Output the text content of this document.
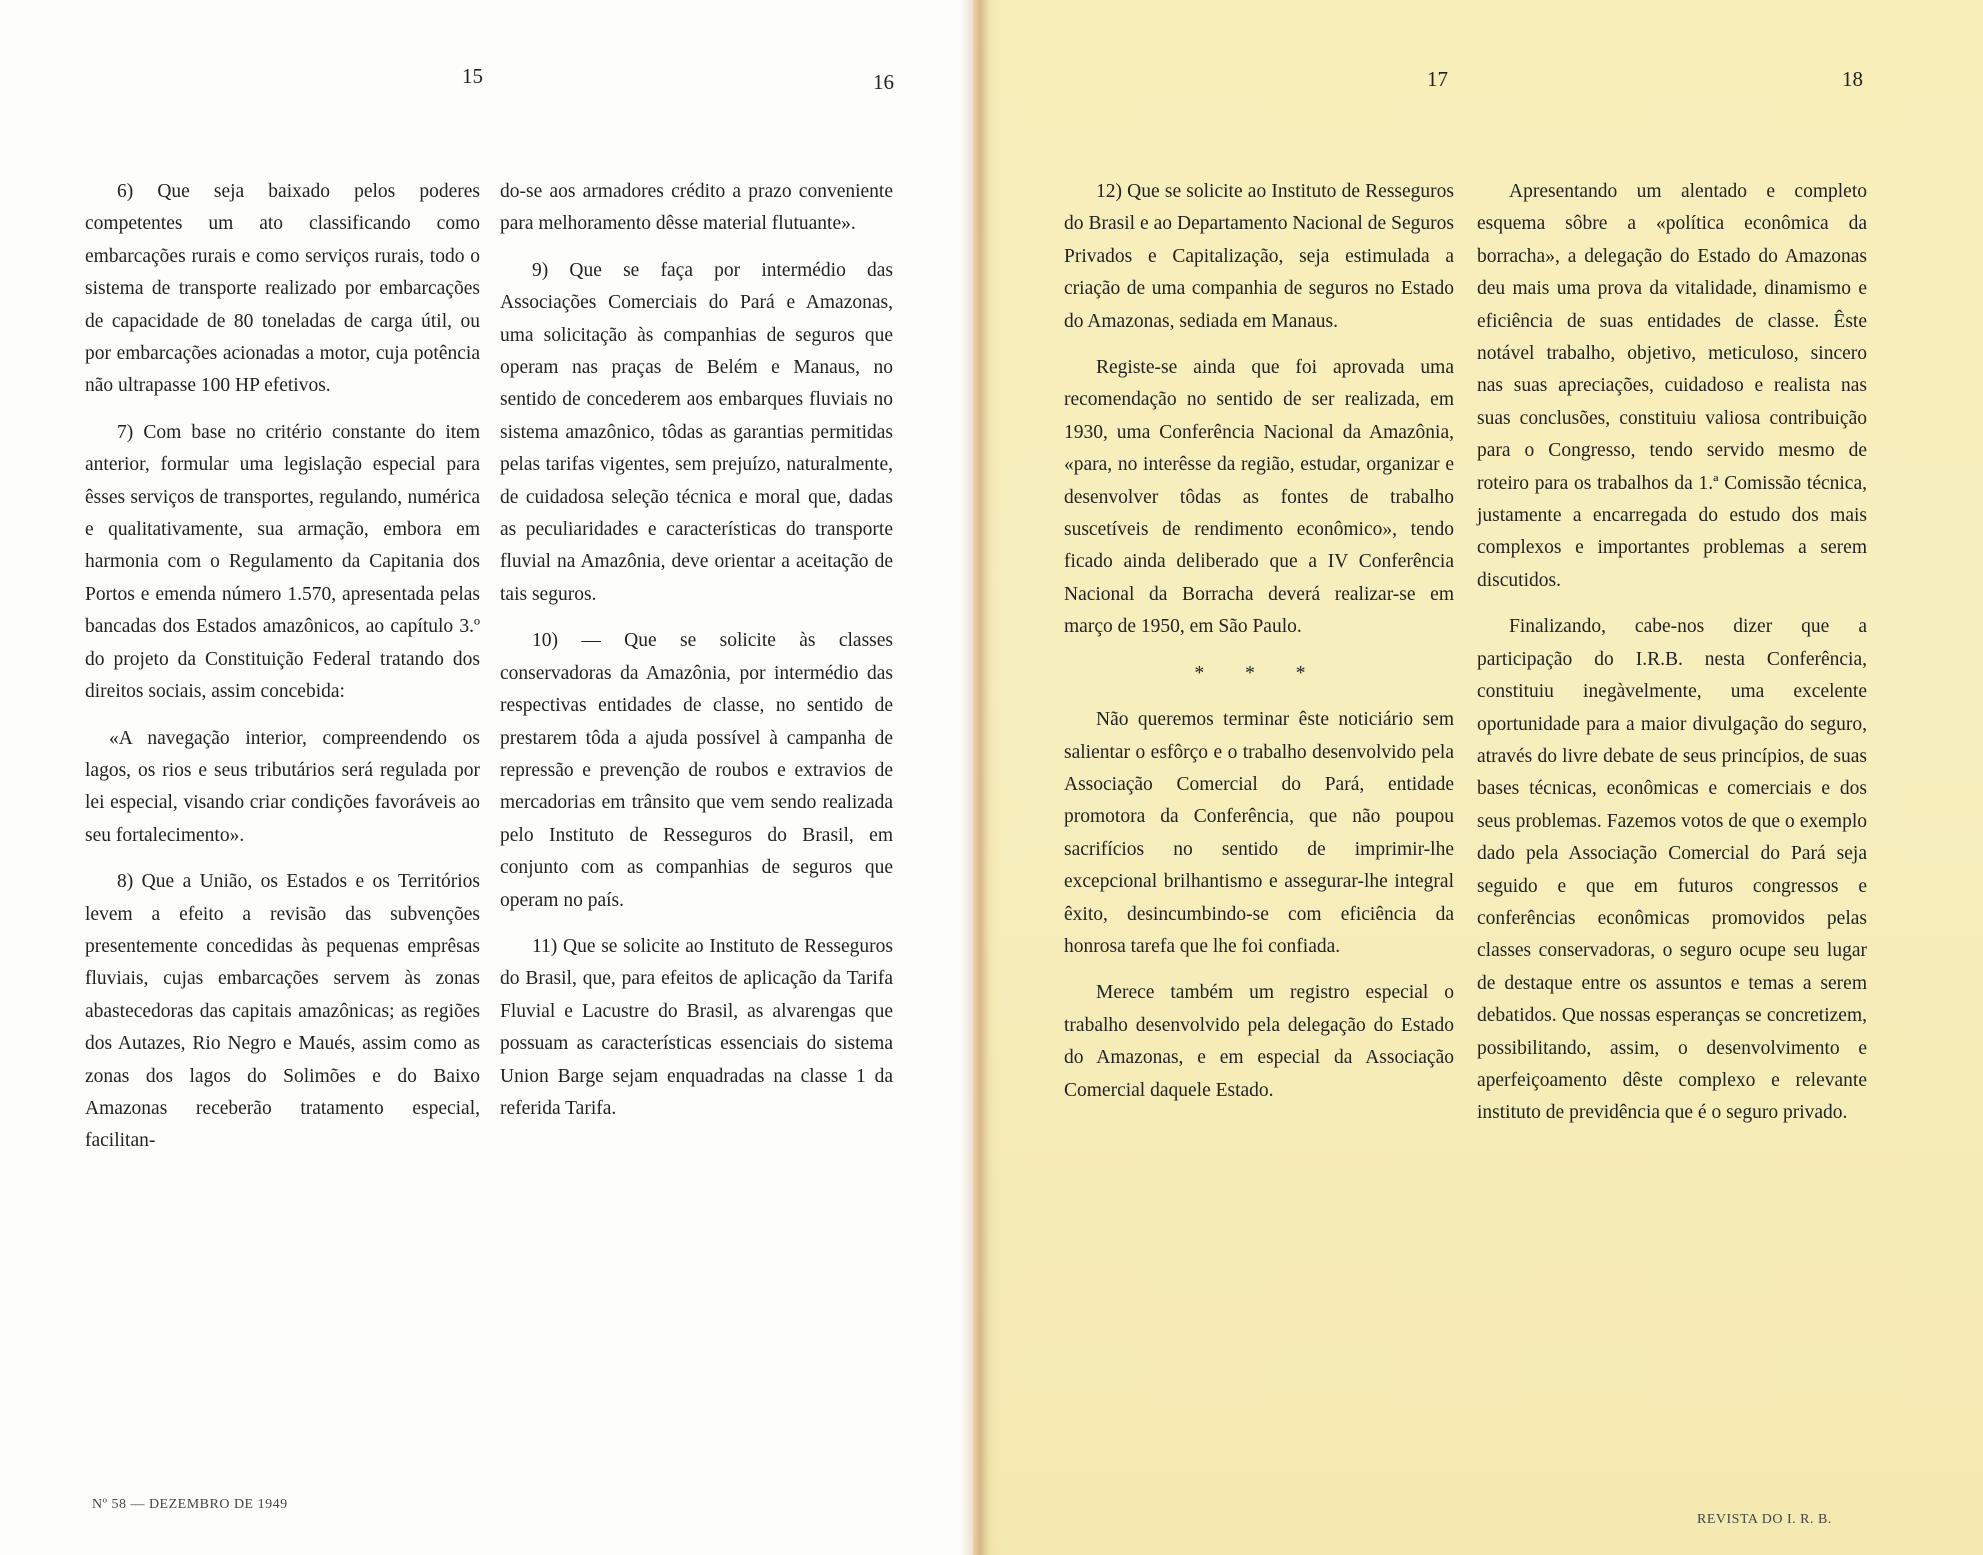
15	16	17	18

6) Que seja baixado pelos poderes competentes um ato classificando como embarcações rurais e como serviços rurais, todo o sistema de transporte realizado por embarcações de capacidade de 80 toneladas de carga útil, ou por embarcações acionadas a motor, cuja potência não ultrapasse 100 HP efetivos.

7) Com base no critério constante do item anterior, formular uma legislação especial para êsses serviços de transportes, regulando, numérica e qualitativamente, sua armação, embora em harmonia com o Regulamento da Capitania dos Portos e emenda número 1.570, apresentada pelas bancadas dos Estados amazônicos, ao capítulo 3.º do projeto da Constituição Federal tratando dos direitos sociais, assim concebida:

«A navegação interior, compreendendo os lagos, os rios e seus tributários será regulada por lei especial, visando criar condições favoráveis ao seu fortalecimento».

8) Que a União, os Estados e os Territórios levem a efeito a revisão das subvenções presentemente concedidas às pequenas emprêsas fluviais, cujas embarcações servem às zonas abastecedoras das capitais amazônicas; as regiões dos Autazes, Rio Negro e Maués, assim como as zonas dos lagos do Solimões e do Baixo Amazonas receberão tratamento especial, facilitan-

do-se aos armadores crédito a prazo conveniente para melhoramento dêsse material flutuante».

9) Que se faça por intermédio das Associações Comerciais do Pará e Amazonas, uma solicitação às companhias de seguros que operam nas praças de Belém e Manaus, no sentido de concederem aos embarques fluviais no sistema amazônico, tôdas as garantias permitidas pelas tarifas vigentes, sem prejuízo, naturalmente, de cuidadosa seleção técnica e moral que, dadas as peculiaridades e características do transporte fluvial na Amazônia, deve orientar a aceitação de tais seguros.

10) — Que se solicite às classes conservadoras da Amazônia, por intermédio das respectivas entidades de classe, no sentido de prestarem tôda a ajuda possível à campanha de repressão e prevenção de roubos e extravios de mercadorias em trânsito que vem sendo realizada pelo Instituto de Resseguros do Brasil, em conjunto com as companhias de seguros que operam no país.

11) Que se solicite ao Instituto de Resseguros do Brasil, que, para efeitos de aplicação da Tarifa Fluvial e Lacustre do Brasil, as alvarengas que possuam as características essenciais do sistema Union Barge sejam enquadradas na classe 1 da referida Tarifa.

12) Que se solicite ao Instituto de Resseguros do Brasil e ao Departamento Nacional de Seguros Privados e Capitalização, seja estimulada a criação de uma companhia de seguros no Estado do Amazonas, sediada em Manaus.

Registe-se ainda que foi aprovada uma recomendação no sentido de ser realizada, em 1930, uma Conferência Nacional da Amazônia, «para, no interêsse da região, estudar, organizar e desenvolver tôdas as fontes de trabalho suscetíveis de rendimento econômico», tendo ficado ainda deliberado que a IV Conferência Nacional da Borracha deverá realizar-se em março de 1950, em São Paulo.

* * *

Não queremos terminar êste noticiário sem salientar o esfôrço e o trabalho desenvolvido pela Associação Comercial do Pará, entidade promotora da Conferência, que não poupou sacrifícios no sentido de imprimir-lhe excepcional brilhantismo e assegurar-lhe integral êxito, desincumbindo-se com eficiência da honrosa tarefa que lhe foi confiada.

Merece também um registro especial o trabalho desenvolvido pela delegação do Estado do Amazonas, e em especial da Associação Comercial daquele Estado.

Apresentando um alentado e completo esquema sôbre a «política econômica da borracha», a delegação do Estado do Amazonas deu mais uma prova da vitalidade, dinamismo e eficiência de suas entidades de classe. Êste notável trabalho, objetivo, meticuloso, sincero nas suas apreciações, cuidadoso e realista nas suas conclusões, constituiu valiosa contribuição para o Congresso, tendo servido mesmo de roteiro para os trabalhos da 1.ª Comissão técnica, justamente a encarregada do estudo dos mais complexos e importantes problemas a serem discutidos.

Finalizando, cabe-nos dizer que a participação do I.R.B. nesta Conferência, constituiu inegàvelmente, uma excelente oportunidade para a maior divulgação do seguro, através do livre debate de seus princípios, de suas bases técnicas, econômicas e comerciais e dos seus problemas. Fazemos votos de que o exemplo dado pela Associação Comercial do Pará seja seguido e que em futuros congressos e conferências econômicas promovidos pelas classes conservadoras, o seguro ocupe seu lugar de destaque entre os assuntos e temas a serem debatidos. Que nossas esperanças se concretizem, possibilitando, assim, o desenvolvimento e aperfeiçoamento dêste complexo e relevante instituto de previdência que é o seguro privado.

Nº 58 — DEZEMBRO DE 1949
REVISTA DO I. R. B.
